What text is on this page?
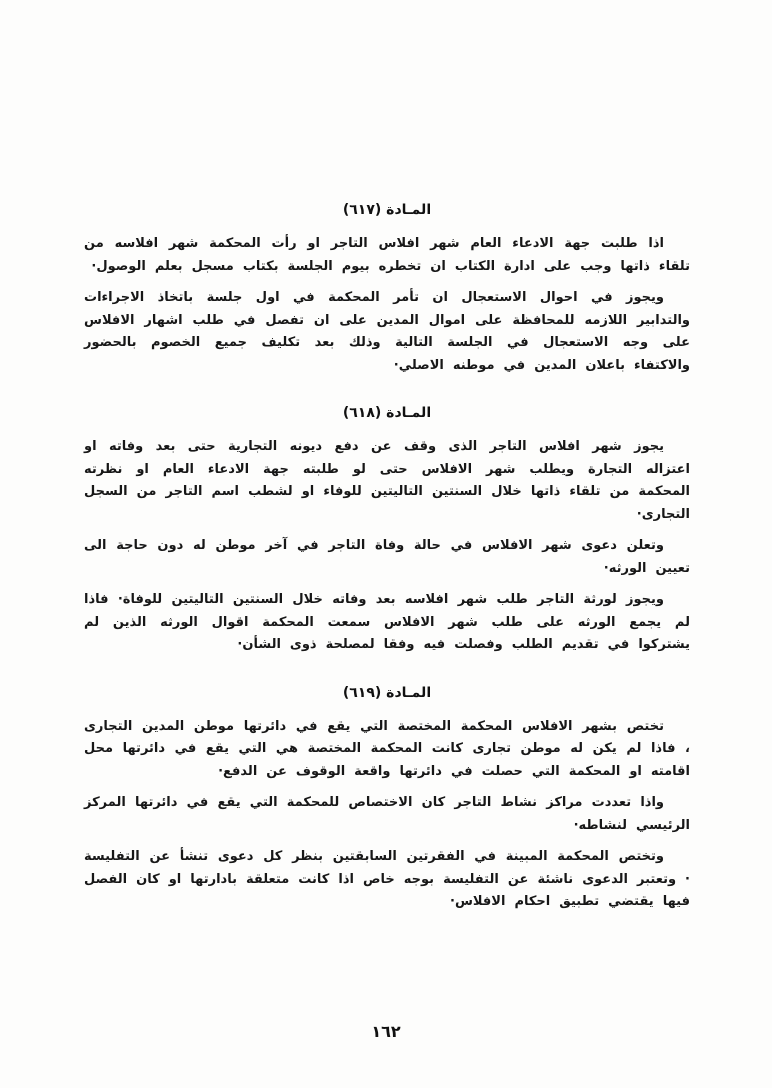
المـادة (٦١٧)

اذا طلبت جهة الادعاء العام شهر افلاس التاجر او رأت المحكمة شهر افلاسه من تلقاء ذاتها وجب على ادارة الكتاب ان تخطره بيوم الجلسة بكتاب مسجل بعلم الوصول·

ويجوز في احوال الاستعجال ان تأمر المحكمة في اول جلسة باتخاذ الاجراءات والتدابير اللازمه للمحافظة على اموال المدين على ان تفصل في طلب اشهار الافلاس على وجه الاستعجال في الجلسة التالية وذلك بعد تكليف جميع الخصوم بالحضور والاكتفاء باعلان المدين في موطنه الاصلي·

المـادة (٦١٨)

يجوز شهر افلاس التاجر الذى وقف عن دفع ديونه التجارية حتى بعد وفاته او اعتزاله التجارة ويطلب شهر الافلاس حتى لو طلبته جهة الادعاء العام او نظرته المحكمة من تلقاء ذاتها خلال السنتين التاليتين للوفاء او لشطب اسم التاجر من السجل التجارى·

وتعلن دعوى شهر الافلاس في حالة وفاة التاجر في آخر موطن له دون حاجة الى تعيين الورثه·

ويجوز لورثة التاجر طلب شهر افلاسه بعد وفاته خلال السنتين التاليتين للوفاة· فاذا لم يجمع الورثه على طلب شهر الافلاس سمعت المحكمة اقوال الورثه الذين لم يشتركوا في تقديم الطلب وفصلت فيه وفقا لمصلحة ذوى الشأن·

المـادة (٦١٩)

تختص بشهر الافلاس المحكمة المختصة التي يقع في دائرتها موطن المدين التجارى ، فاذا لم يكن له موطن تجارى كانت المحكمة المختصة هي التي يقع في دائرتها محل اقامته او المحكمة التي حصلت في دائرتها واقعة الوقوف عن الدفع·

واذا تعددت مراكز نشاط التاجر كان الاختصاص للمحكمة التي يقع في دائرتها المركز الرئيسي لنشاطه·

وتختص المحكمة المبينة في الفقرتين السابقتين بنظر كل دعوى تنشأ عن التفليسة · وتعتبر الدعوى ناشئة عن التفليسة بوجه خاص اذا كانت متعلقة بادارتها او كان الفصل فيها يقتضي تطبيق احكام الافلاس·

١٦٢
